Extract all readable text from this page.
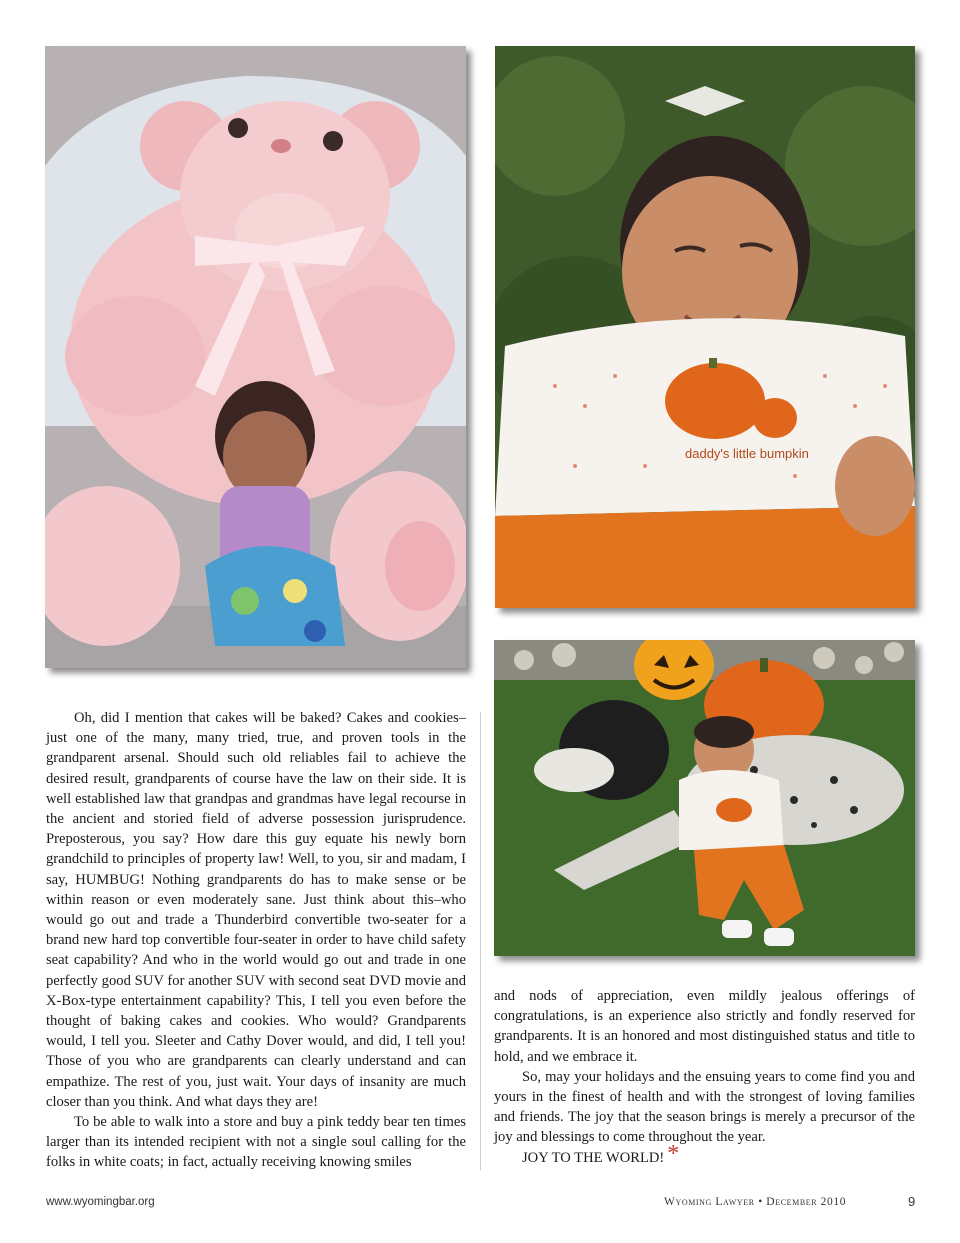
daddy's little bumpkin

Oh, did I mention that cakes will be baked? Cakes and cookies–just one of the many, many tried, true, and proven tools in the grandparent arsenal. Should such old reliables fail to achieve the desired result, grandparents of course have the law on their side. It is well established law that grandpas and grandmas have legal recourse in the ancient and storied field of adverse possession jurisprudence. Preposterous, you say? How dare this guy equate his newly born grandchild to principles of property law! Well, to you, sir and madam, I say, HUMBUG! Nothing grandparents do has to make sense or be within reason or even moderately sane. Just think about this–who would go out and trade a Thunderbird convertible two-seater for a brand new hard top convertible four-seater in order to have child safety seat capability? And who in the world would go out and trade in one perfectly good SUV for another SUV with second seat DVD movie and X-Box-type entertainment capability? This, I tell you even before the thought of baking cakes and cookies. Who would? Grandparents would, I tell you. Sleeter and Cathy Dover would, and did, I tell you! Those of you who are grandparents can clearly understand and can empathize. The rest of you, just wait. Your days of insanity are much closer than you think. And what days they are!

To be able to walk into a store and buy a pink teddy bear ten times larger than its intended recipient with not a single soul calling for the folks in white coats; in fact, actually receiving knowing smiles

and nods of appreciation, even mildly jealous offerings of congratulations, is an experience also strictly and fondly reserved for grandparents. It is an honored and most distinguished status and title to hold, and we embrace it.

So, may your holidays and the ensuing years to come find you and yours in the finest of health and with the strongest of loving families and friends. The joy that the season brings is merely a precursor of the joy and blessings to come throughout the year.

JOY TO THE WORLD! *

www.wyomingbar.org	Wyoming Lawyer • December 2010	9
